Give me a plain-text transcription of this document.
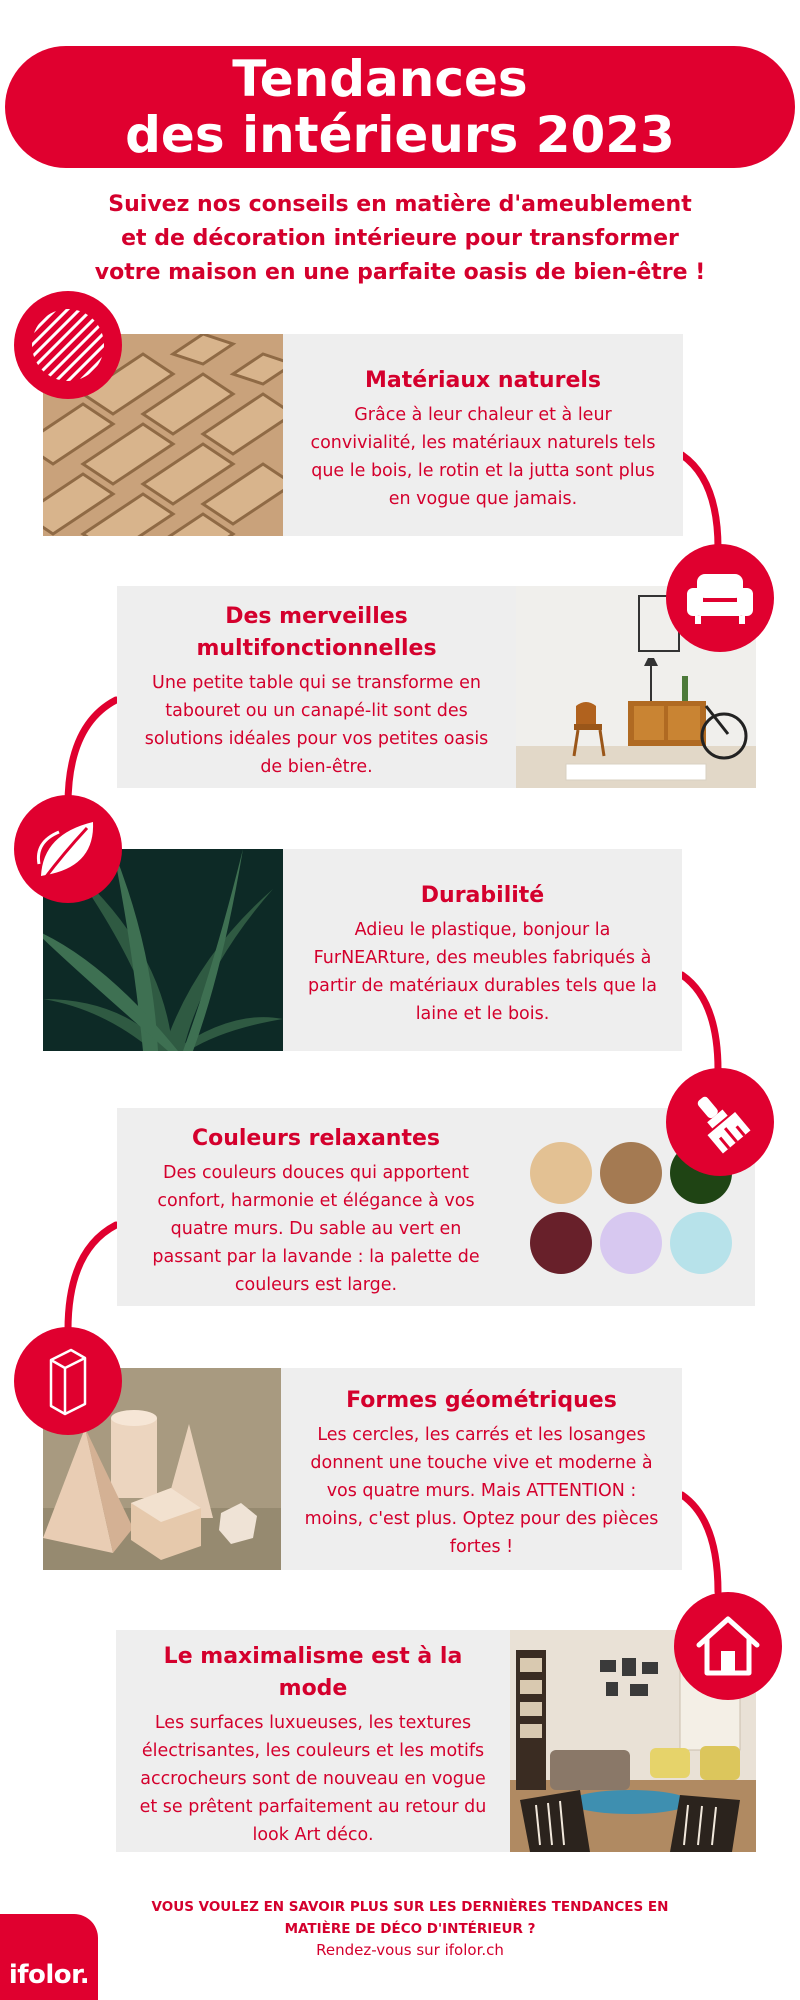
Tendances
des intérieurs 2023
Suivez nos conseils en matière d'ameublement
et de décoration intérieure pour transformer
votre maison en une parfaite oasis de bien-être !
Matériaux naturels

Grâce à leur chaleur et à leur convivialité, les matériaux naturels tels que le bois, le rotin et la jutta sont plus en vogue que jamais.

Des merveilles multifonctionnelles

Une petite table qui se transforme en tabouret ou un canapé-lit sont des solutions idéales pour vos petites oasis de bien-être.

Durabilité

Adieu le plastique, bonjour la FurNEARture, des meubles fabriqués à partir de matériaux durables tels que la laine et le bois.

Couleurs relaxantes

Des couleurs douces qui apportent confort, harmonie et élégance à vos quatre murs. Du sable au vert en passant par la lavande : la palette de couleurs est large.

Formes géométriques

Les cercles, les carrés et les losanges donnent une touche vive et moderne à vos quatre murs. Mais ATTENTION : moins, c'est plus. Optez pour des pièces fortes !

Le maximalisme est à la mode

Les surfaces luxueuses, les textures électrisantes, les couleurs et les motifs accrocheurs sont de nouveau en vogue et se prêtent parfaitement au retour du look Art déco.

VOUS VOULEZ EN SAVOIR PLUS SUR LES DERNIÈRES TENDANCES EN MATIÈRE DE DÉCO D'INTÉRIEUR ?
Rendez-vous sur ifolor.ch
ifolor.
